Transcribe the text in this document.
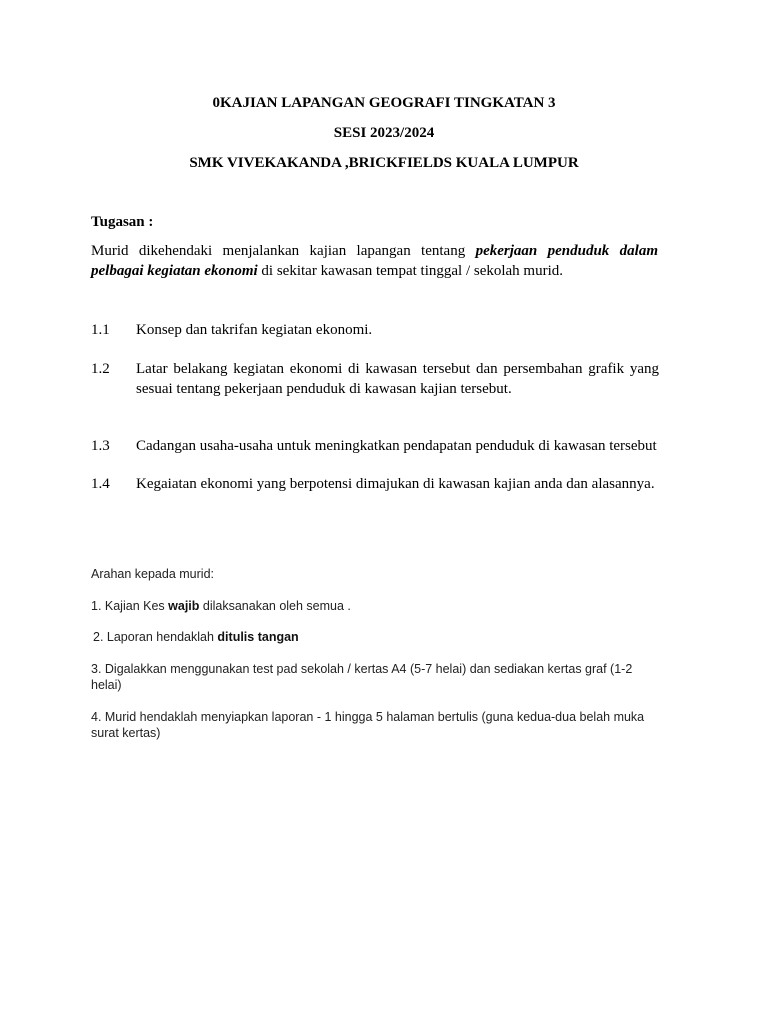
0KAJIAN LAPANGAN GEOGRAFI TINGKATAN 3
SESI 2023/2024
SMK VIVEKAKANDA ,BRICKFIELDS KUALA LUMPUR
Tugasan :
Murid dikehendaki menjalankan kajian lapangan tentang pekerjaan penduduk dalam pelbagai kegiatan ekonomi di sekitar kawasan tempat tinggal / sekolah murid.
1.1 Konsep dan takrifan kegiatan ekonomi.
1.2 Latar belakang kegiatan ekonomi di kawasan tersebut dan persembahan grafik yang sesuai tentang pekerjaan penduduk di kawasan kajian tersebut.
1.3 Cadangan usaha-usaha untuk meningkatkan pendapatan penduduk di kawasan tersebut
1.4 Kegaiatan ekonomi yang berpotensi dimajukan di kawasan kajian anda dan alasannya.
Arahan kepada murid:
1. Kajian Kes wajib dilaksanakan oleh semua .
2. Laporan hendaklah ditulis tangan
3. Digalakkan menggunakan test pad sekolah / kertas A4 (5-7 helai) dan sediakan kertas graf (1-2 helai)
4. Murid hendaklah menyiapkan laporan - 1 hingga 5 halaman bertulis (guna kedua-dua belah muka surat kertas)
